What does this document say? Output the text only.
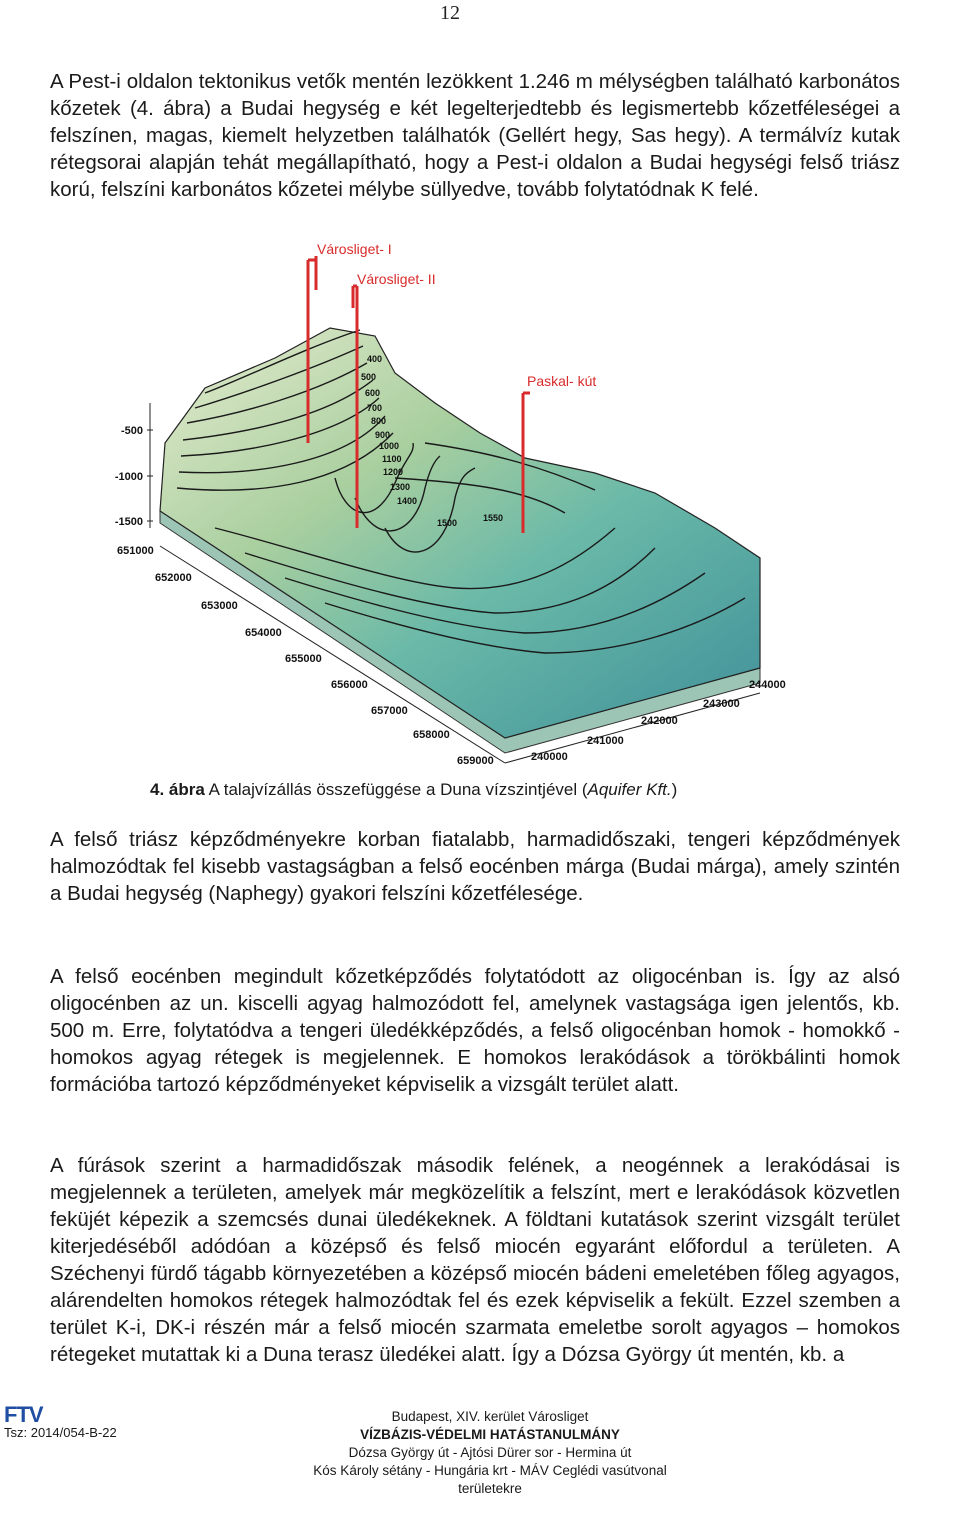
12

A Pest-i oldalon tektonikus vetők mentén lezökkent 1.246 m mélységben található karbonátos kőzetek (4. ábra) a Budai hegység e két legelterjedtebb és legismertebb kőzetféleségei a felszínen, magas, kiemelt helyzetben találhatók (Gellért hegy, Sas hegy). A termálvíz kutak rétegsorai alapján tehát megállapítható, hogy a Pest-i oldalon a Budai hegységi felső triász korú, felszíni karbonátos kőzetei mélybe süllyedve, tovább folytatódnak K felé.

400
500
600
700
800
900
1000
1100
1200
1300
1400
1500	1550
Városliget- I
Városliget- II
Paskal- kút
-500
-1000
-1500
651000
652000
653000
654000
655000
656000
657000
658000
659000	240000
241000
242000
243000
244000
4. ábra A talajvízállás összefüggése a Duna vízszintjével (Aquifer Kft.)

A felső triász képződményekre korban fiatalabb, harmadidőszaki, tengeri képződmények halmozódtak fel kisebb vastagságban a felső eocénben márga (Budai márga), amely szintén a Budai hegység (Naphegy) gyakori felszíni kőzetfélesége.

A felső eocénben megindult kőzetképződés folytatódott az oligocénban is. Így az alsó oligocénben az un. kiscelli agyag halmozódott fel, amelynek vastagsága igen jelentős, kb. 500 m. Erre, folytatódva a tengeri üledékképződés, a felső oligocénban homok - homokkő - homokos agyag rétegek is megjelennek. E homokos lerakódások a törökbálinti homok formációba tartozó képződményeket képviselik a vizsgált terület alatt.

A fúrások szerint a harmadidőszak második felének, a neogénnek a lerakódásai is megjelennek a területen, amelyek már megközelítik a felszínt, mert e lerakódások közvetlen feküjét képezik a szemcsés dunai üledékeknek. A földtani kutatások szerint vizsgált terület kiterjedéséből adódóan a középső és felső miocén egyaránt előfordul a területen. A Széchenyi fürdő tágabb környezetében a középső miocén bádeni emeletében főleg agyagos, alárendelten homokos rétegek halmozódtak fel és ezek képviselik a fekült. Ezzel szemben a terület K-i, DK-i részén már a felső miocén szarmata emeletbe sorolt agyagos – homokos rétegeket mutattak ki a Duna terasz üledékei alatt. Így a Dózsa György út mentén, kb. a

FTV
Tsz: 2014/054-B-22
Budapest, XIV. kerület Városliget
VÍZBÁZIS-VÉDELMI HATÁSTANULMÁNY
Dózsa György út - Ajtósi Dürer sor - Hermina út
Kós Károly sétány - Hungária krt - MÁV Ceglédi vasútvonal
területekre
